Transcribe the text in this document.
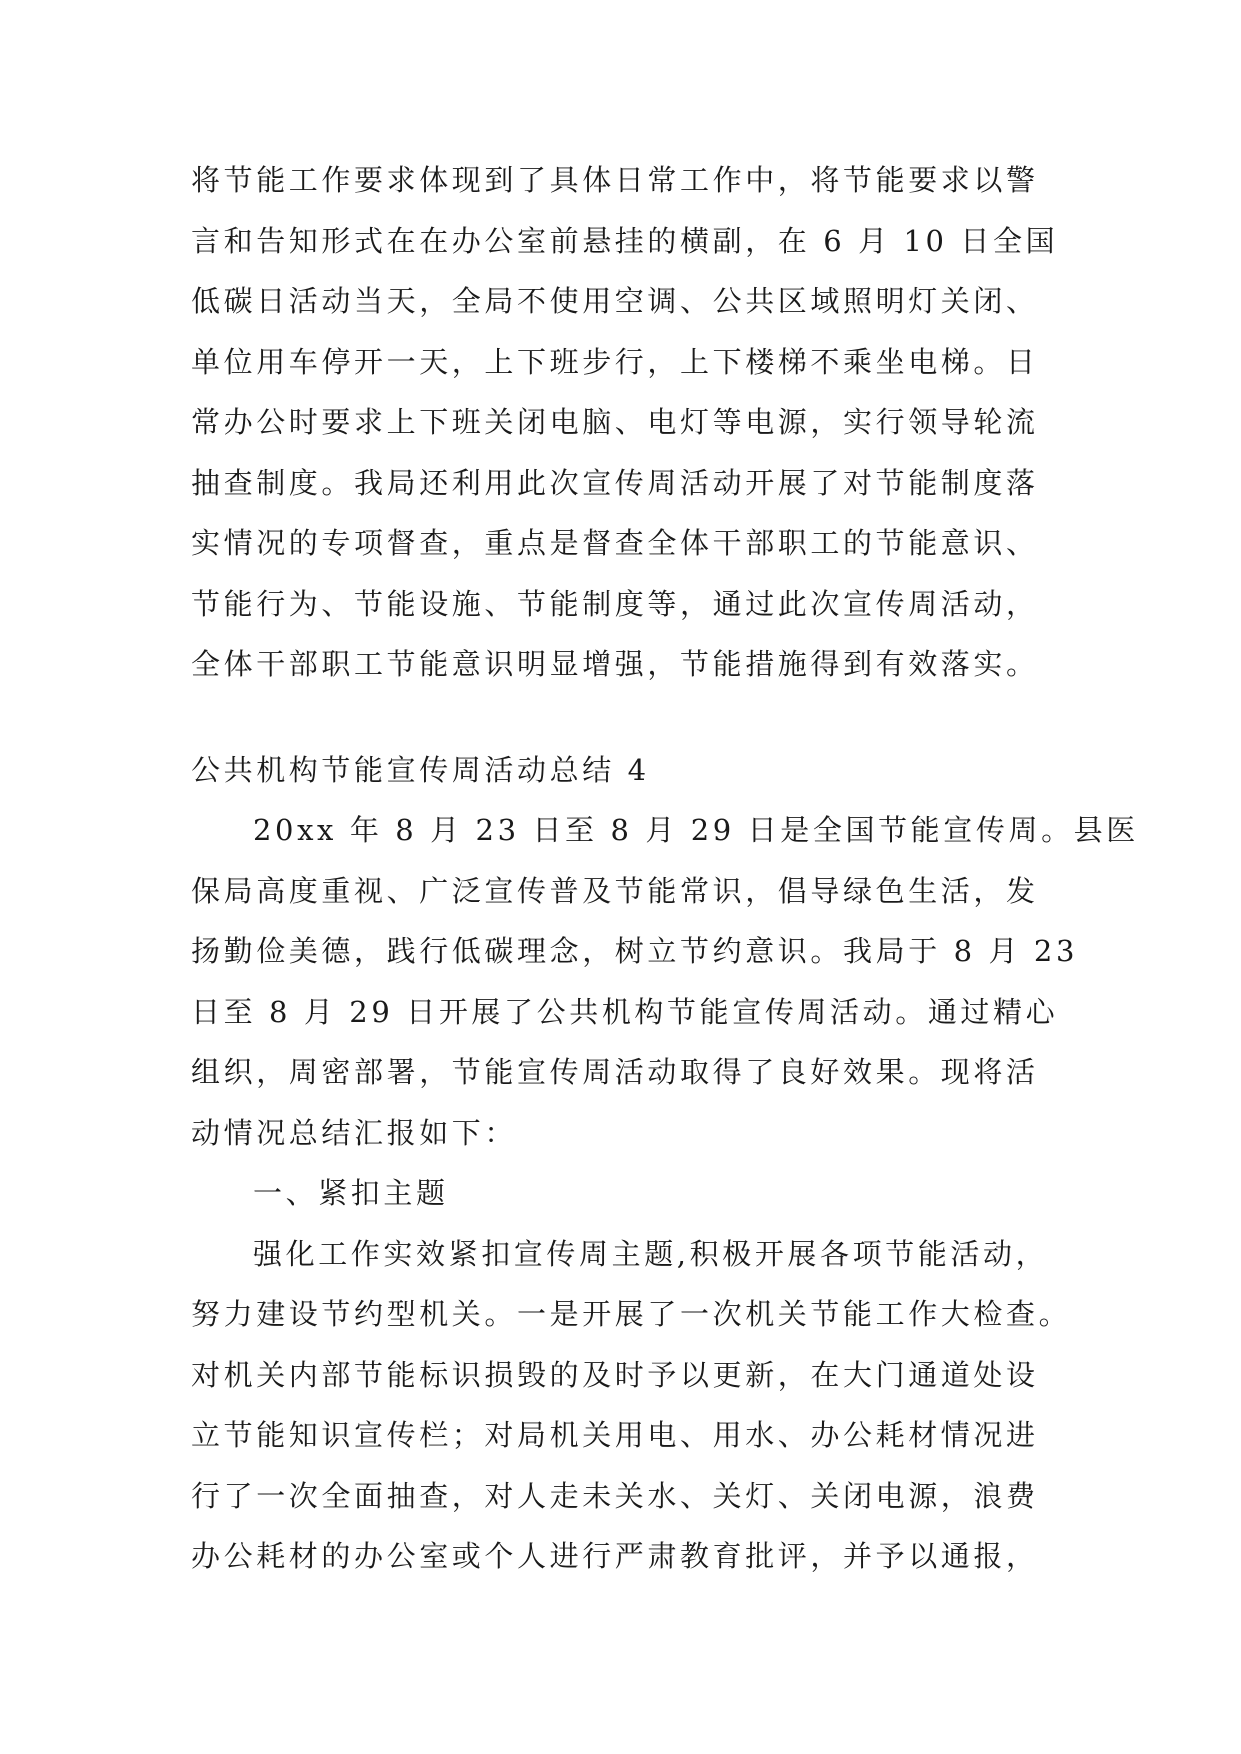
将节能工作要求体现到了具体日常工作中，将节能要求以警
言和告知形式在在办公室前悬挂的横副，在 6 月 10 日全国
低碳日活动当天，全局不使用空调、公共区域照明灯关闭、
单位用车停开一天，上下班步行，上下楼梯不乘坐电梯。日
常办公时要求上下班关闭电脑、电灯等电源，实行领导轮流
抽查制度。我局还利用此次宣传周活动开展了对节能制度落
实情况的专项督查，重点是督查全体干部职工的节能意识、
节能行为、节能设施、节能制度等，通过此次宣传周活动，
全体干部职工节能意识明显增强，节能措施得到有效落实。
公共机构节能宣传周活动总结 4
20xx 年 8 月 23 日至 8 月 29 日是全国节能宣传周。县医
保局高度重视、广泛宣传普及节能常识，倡导绿色生活，发
扬勤俭美德，践行低碳理念，树立节约意识。我局于 8 月 23
日至 8 月 29 日开展了公共机构节能宣传周活动。通过精心
组织，周密部署，节能宣传周活动取得了良好效果。现将活
动情况总结汇报如下：
一、紧扣主题
强化工作实效紧扣宣传周主题,积极开展各项节能活动，
努力建设节约型机关。一是开展了一次机关节能工作大检查。
对机关内部节能标识损毁的及时予以更新，在大门通道处设
立节能知识宣传栏；对局机关用电、用水、办公耗材情况进
行了一次全面抽查，对人走未关水、关灯、关闭电源，浪费
办公耗材的办公室或个人进行严肃教育批评，并予以通报，
